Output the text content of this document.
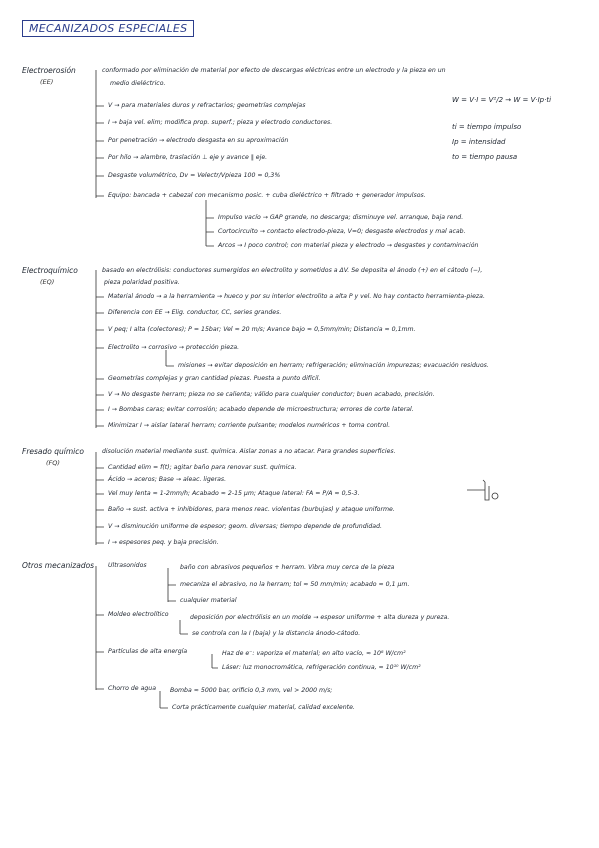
MECANIZADOS ESPECIALES
Electroerosión
(EE)
conformado por eliminación de material por efecto de descargas eléctricas entre un electrodo y la pieza en un
medio dieléctrico.
V → para materiales duros y refractarios; geometrías complejas
I → baja vel. elim; modifica prop. superf.; pieza y electrodo conductores.
Por penetración → electrodo desgasta en su aproximación
Por hilo → alambre, traslación ⊥ eje y avance ∥ eje.
Desgaste volumétrico, Dv = Velectr/Vpieza 100 ≈ 0,3%
Equipo: bancada + cabezal con mecanismo posic. + cuba dieléctrico + filtrado + generador impulsos.
Impulso vacío → GAP grande, no descarga; disminuye vel. arranque, baja rend.
Cortocircuito → contacto electrodo-pieza, V=0; desgaste electrodos y mal acab.
Arcos → I poco control; con material pieza y electrodo → desgastes y contaminación
W = V·I = V²/2 → W = V·Ip·ti
ti = tiempo impulso
Ip = intensidad
to = tiempo pausa
Electroquímico
(EQ)
basado en electrólisis: conductores sumergidos en electrolito y sometidos a ΔV. Se deposita el ánodo (+) en el cátodo (−),
pieza polaridad positiva.
Material ánodo → a la herramienta → hueco y por su interior electrolito a alta P y vel. No hay contacto herramienta-pieza.
Diferencia con EE → Elig. conductor, CC, series grandes.
V peq; I alta (colectores); P = 15bar; Vel ≈ 20 m/s; Avance bajo ≈ 0,5mm/min; Distancia ≈ 0,1mm.
Electrolito → corrosivo → protección pieza.
misiones → evitar deposición en herram; refrigeración; eliminación impurezas; evacuación residuos.
Geometrías complejas y gran cantidad piezas. Puesta a punto difícil.
V → No desgaste herram; pieza no se calienta; válido para cualquier conductor; buen acabado, precisión.
I → Bombas caras; evitar corrosión; acabado depende de microestructura; errores de corte lateral.
Minimizar I → aislar lateral herram; corriente pulsante; modelos numéricos + toma control.
Fresado químico
(FQ)
disolución material mediante sust. química. Aislar zonas a no atacar. Para grandes superficies.
Cantidad elim = f(t); agitar baño para renovar sust. química.
Ácido → aceros; Base → aleac. ligeras.
Vel muy lenta ≈ 1-2mm/h; Acabado ≈ 2-15 μm; Ataque lateral: FA = P/A ≈ 0,5-3.
Baño → sust. activa + inhibidores, para menos reac. violentas (burbujas) y ataque uniforme.
V → disminución uniforme de espesor; geom. diversas; tiempo depende de profundidad.
I → espesores peq. y baja precisión.
Otros mecanizados Ultrasonidos	baño con abrasivos pequeños + herram. Vibra muy cerca de la pieza
mecaniza el abrasivo, no la herram; tol ≈ 50 mm/min; acabado ≈ 0,1 μm.
cualquier material
Moldeo electrolítico	deposición por electrólisis en un molde → espesor uniforme + alta dureza y pureza.
se controla con la I (baja) y la distancia ánodo-cátodo.
Partículas de alta energía	Haz de e⁻: vaporiza el material; en alto vacío, ≈ 10⁸ W/cm²
Láser: luz monocromática, refrigeración continua, ≈ 10¹⁰ W/cm²
Chorro de agua Bomba ≈ 5000 bar, orificio 0,3 mm, vel > 2000 m/s;
Corta prácticamente cualquier material, calidad excelente.
